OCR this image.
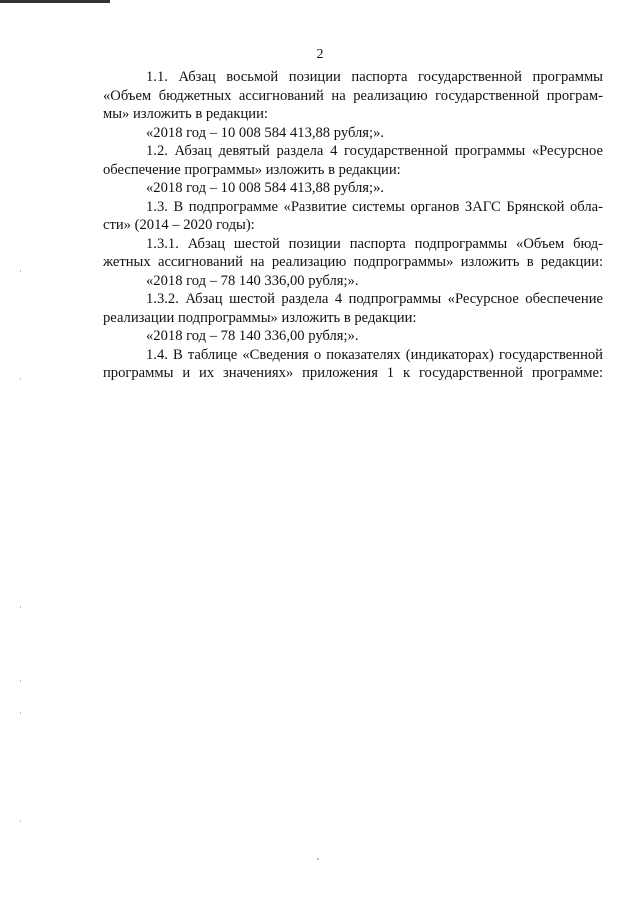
2
1.1. Абзац восьмой позиции паспорта государственной программы
«Объем бюджетных ассигнований на реализацию государственной програм-
мы» изложить в редакции:
«2018 год – 10 008 584 413,88 рубля;».
1.2. Абзац девятый раздела 4 государственной программы «Ресурсное
обеспечение программы» изложить в редакции:
«2018 год – 10 008 584 413,88 рубля;».
1.3. В подпрограмме «Развитие системы органов ЗАГС Брянской обла-
сти» (2014 – 2020 годы):
1.3.1. Абзац шестой позиции паспорта подпрограммы «Объем бюд-
жетных ассигнований на реализацию подпрограммы» изложить в редакции:
«2018 год – 78 140 336,00 рубля;».
1.3.2. Абзац шестой раздела 4 подпрограммы «Ресурсное обеспечение
реализации подпрограммы» изложить в редакции:
«2018 год – 78 140 336,00 рубля;».
1.4. В таблице «Сведения о показателях (индикаторах) государственной
программы и их значениях» приложения 1 к государственной программе:
